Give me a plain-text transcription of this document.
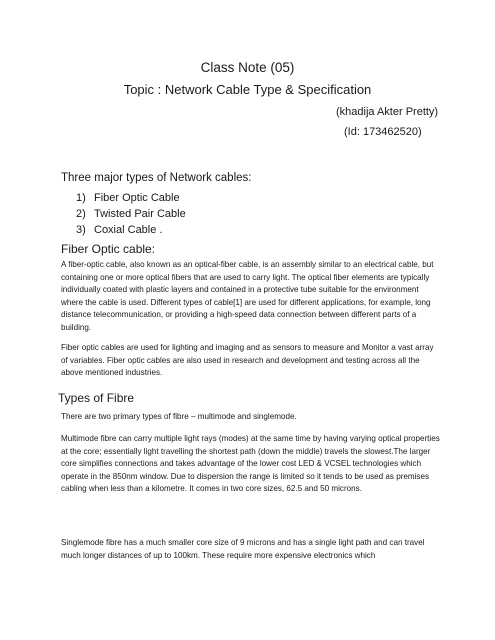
Class Note (05)
Topic : Network Cable Type & Specification
(khadija Akter Pretty)
(Id: 173462520)
Three major types of Network cables:
1) Fiber Optic Cable
2) Twisted Pair Cable
3) Coxial Cable .
Fiber Optic cable:

A fiber-optic cable, also known as an optical-fiber cable, is an assembly similar to an electrical cable, but containing one or more optical fibers that are used to carry light. The optical fiber elements are typically individually coated with plastic layers and contained in a protective tube suitable for the environment where the cable is used. Different types of cable[1] are used for different applications, for example, long distance telecommunication, or providing a high-speed data connection between different parts of a building.

Fiber optic cables are used for lighting and imaging and as sensors to measure and Monitor a vast array of variables. Fiber optic cables are also used in research and development and testing across all the above mentioned industries.

Types of Fibre

There are two primary types of fibre – multimode and singlemode.

Multimode fibre can carry multiple light rays (modes) at the same time by having varying optical properties at the core; essentially light travelling the shortest path (down the middle) travels the slowest.The larger core simplifies connections and takes advantage of the lower cost LED & VCSEL technologies which operate in the 850nm window. Due to dispersion the range is limited so it tends to be used as premises cabling when less than a kilometre. It comes in two core sizes, 62.5 and 50 microns.

Singlemode fibre has a much smaller core size of 9 microns and has a single light path and can travel much longer distances of up to 100km. These require more expensive electronics which
